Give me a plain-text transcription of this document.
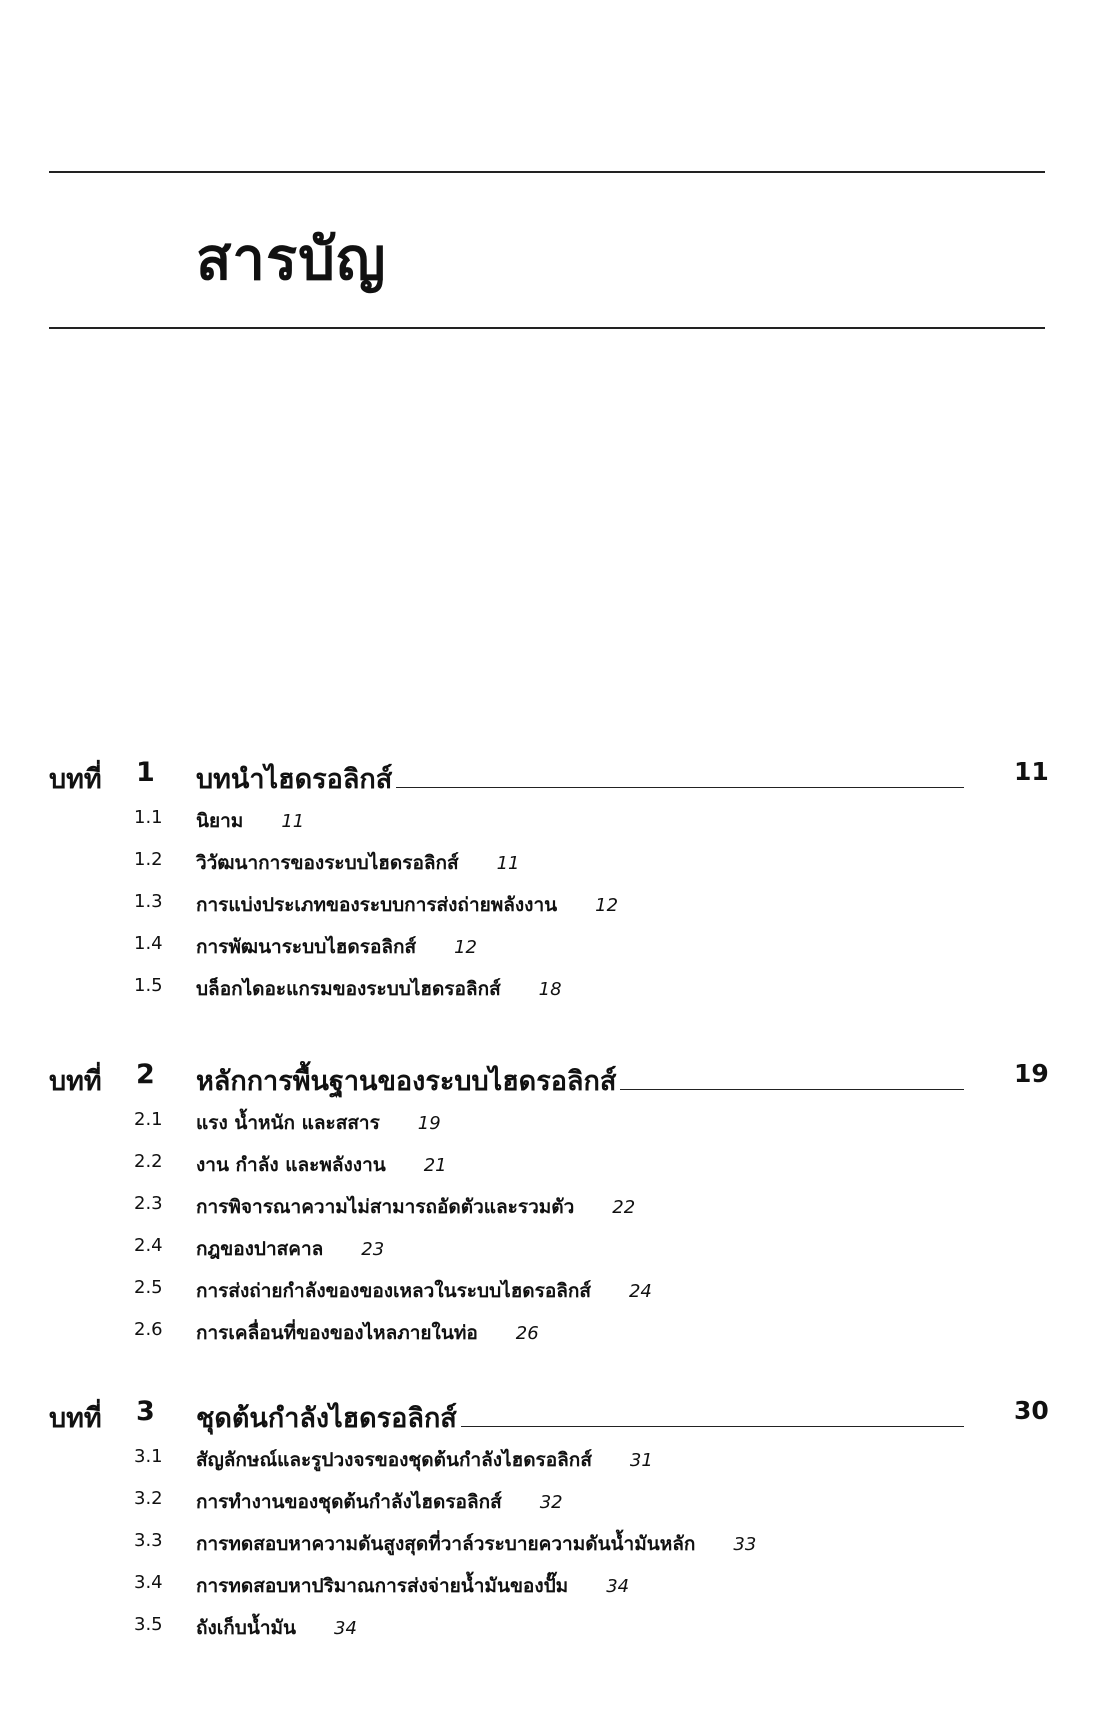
สารบัญ
บทที่ 1 บทนำไฮดรอลิกส์	11
1.1 นิยาม   11
1.2 วิวัฒนาการของระบบไฮดรอลิกส์   11
1.3 การแบ่งประเภทของระบบการส่งถ่ายพลังงาน   12
1.4 การพัฒนาระบบไฮดรอลิกส์   12
1.5 บล็อกไดอะแกรมของระบบไฮดรอลิกส์   18
บทที่ 2 หลักการพื้นฐานของระบบไฮดรอลิกส์	19
2.1 แรง น้ำหนัก และสสาร   19
2.2 งาน กำลัง และพลังงาน   21
2.3 การพิจารณาความไม่สามารถอัดตัวและรวมตัว   22
2.4 กฎของปาสคาล   23
2.5 การส่งถ่ายกำลังของของเหลวในระบบไฮดรอลิกส์   24
2.6 การเคลื่อนที่ของของไหลภายในท่อ   26
บทที่ 3 ชุดต้นกำลังไฮดรอลิกส์	30
3.1 สัญลักษณ์และรูปวงจรของชุดต้นกำลังไฮดรอลิกส์   31
3.2 การทำงานของชุดต้นกำลังไฮดรอลิกส์   32
3.3 การทดสอบหาความดันสูงสุดที่วาล์วระบายความดันน้ำมันหลัก   33
3.4 การทดสอบหาปริมาณการส่งจ่ายน้ำมันของปั๊ม   34
3.5 ถังเก็บน้ำมัน   34
